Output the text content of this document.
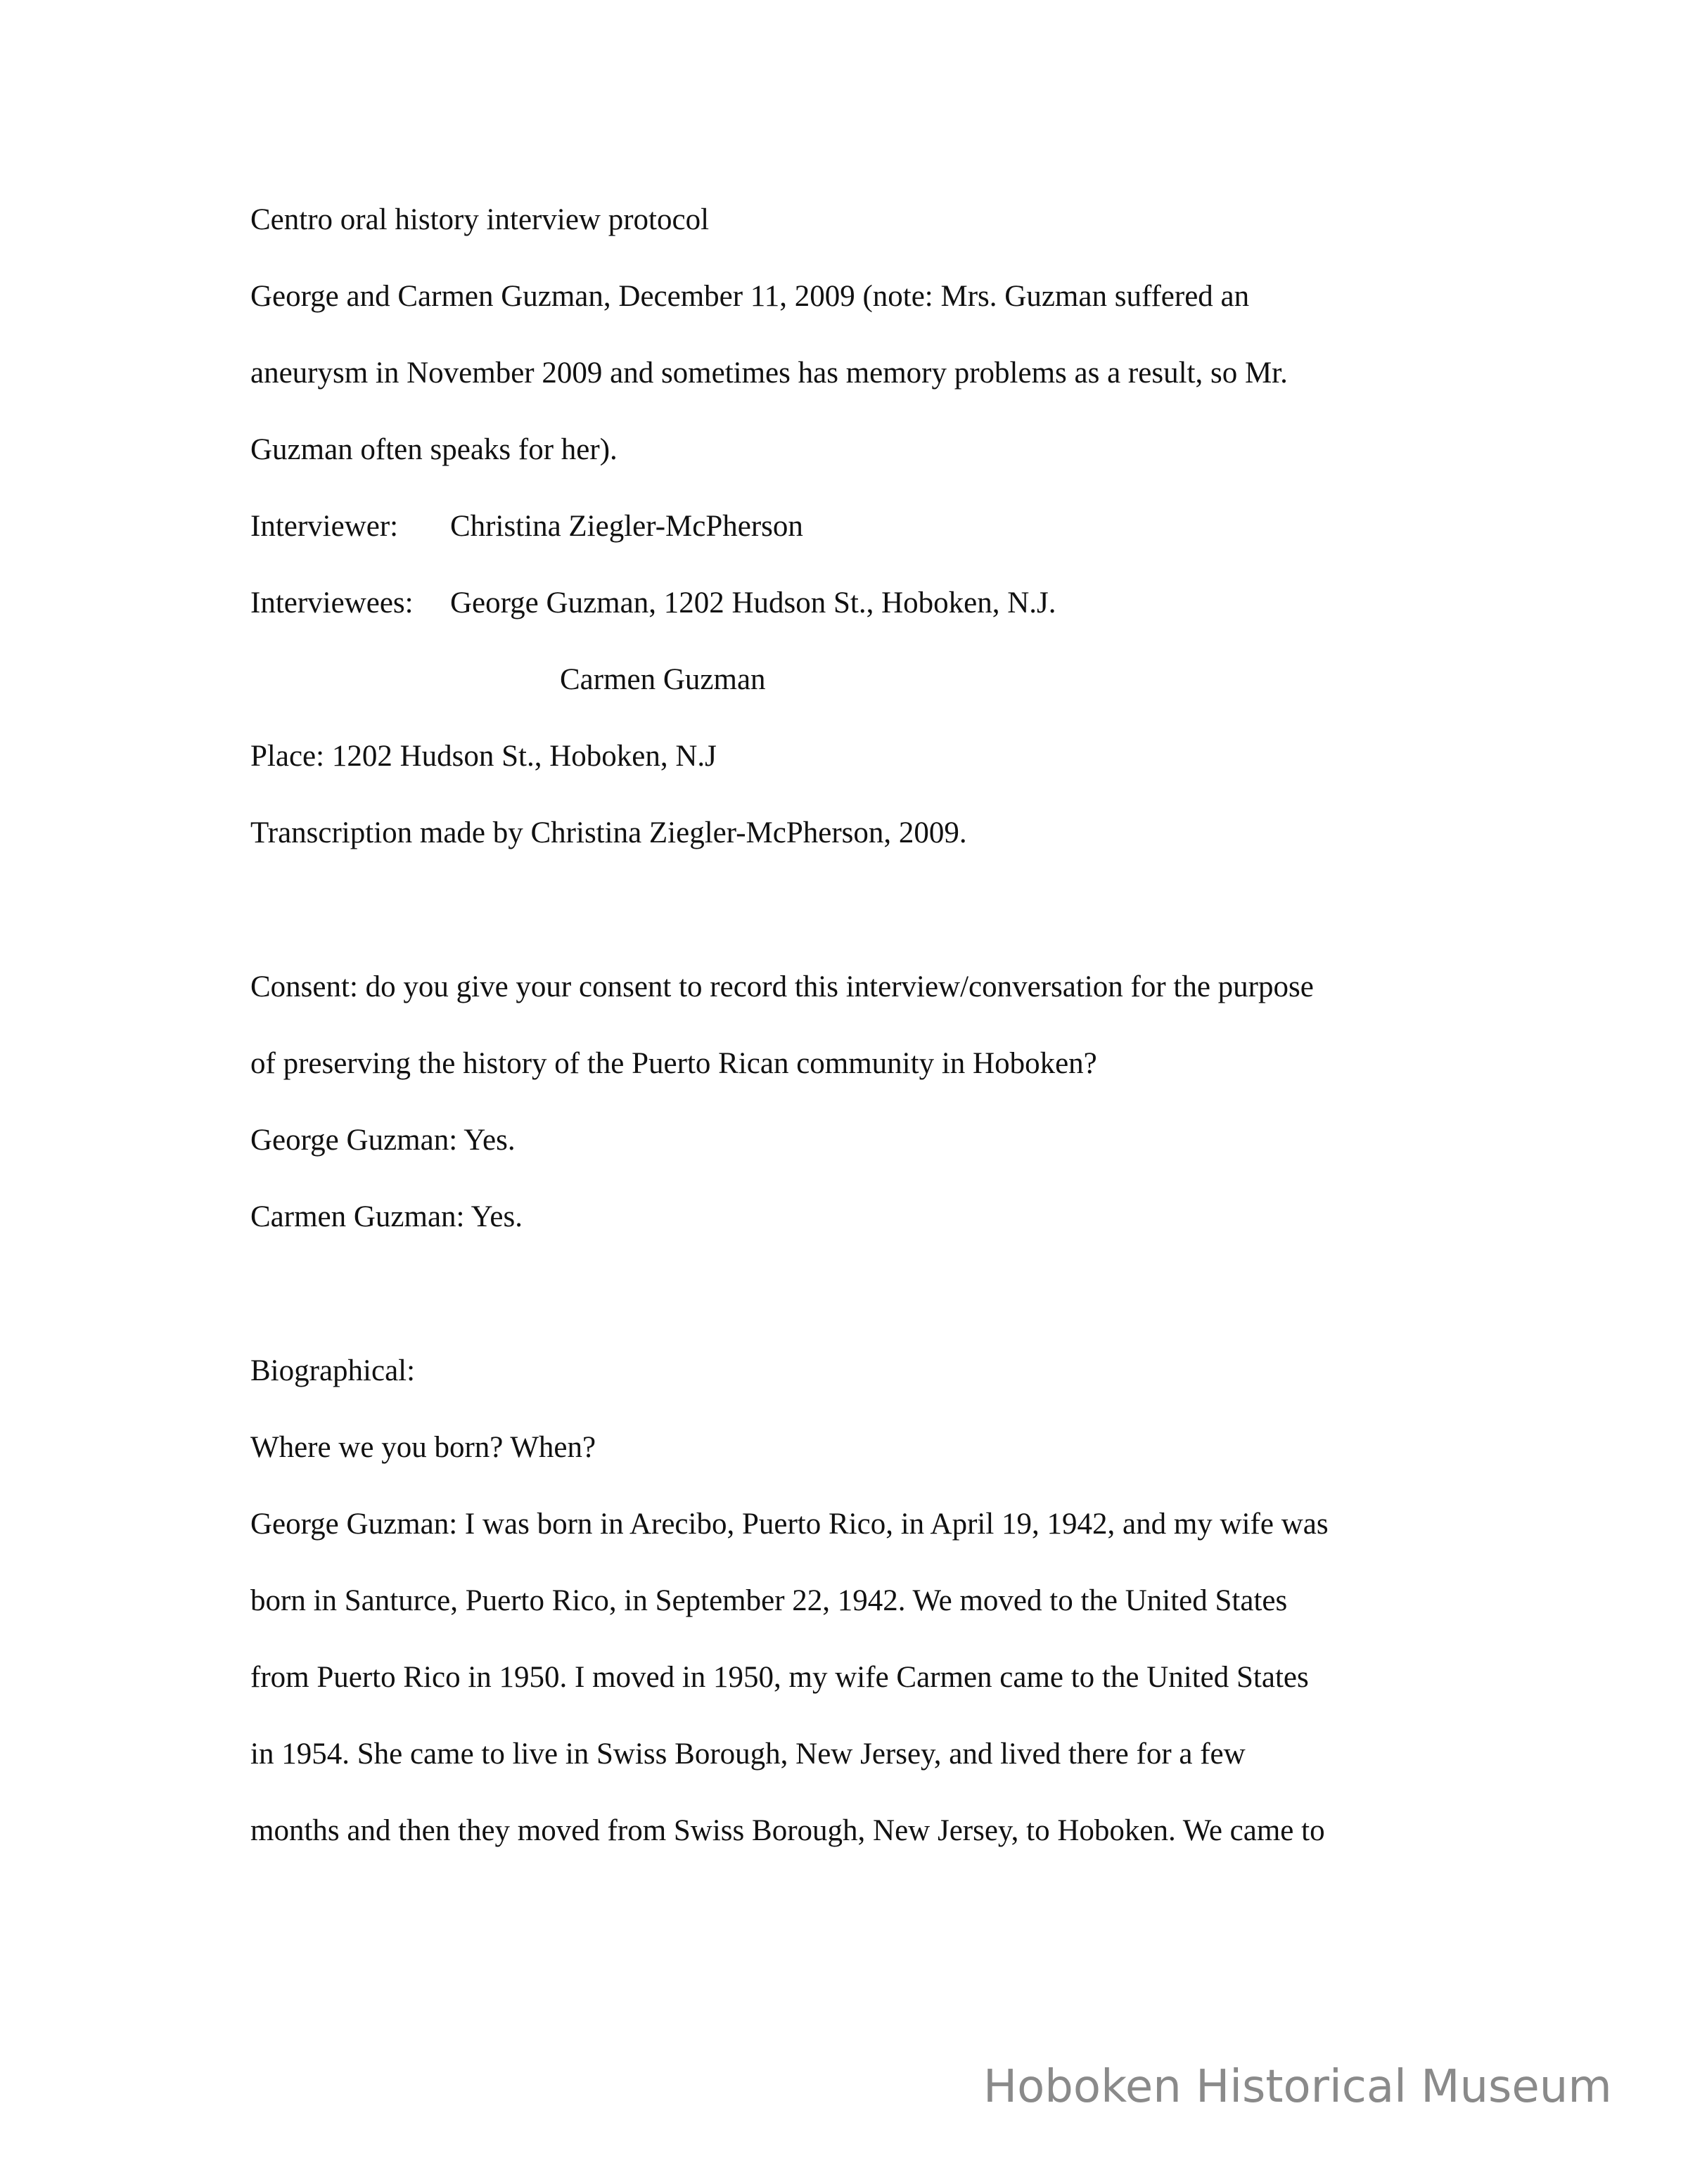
Centro oral history interview protocol
George and Carmen Guzman, December 11, 2009 (note: Mrs. Guzman suffered an
aneurysm in November 2009 and sometimes has memory problems as a result, so Mr.
Guzman often speaks for her).
Interviewer: Christina Ziegler-McPherson
Interviewees: George Guzman, 1202 Hudson St., Hoboken, N.J.
Carmen Guzman
Place: 1202 Hudson St., Hoboken, N.J
Transcription made by Christina Ziegler-McPherson, 2009.
Consent: do you give your consent to record this interview/conversation for the purpose
of preserving the history of the Puerto Rican community in Hoboken?
George Guzman: Yes.
Carmen Guzman: Yes.
Biographical:
Where we you born? When?
George Guzman: I was born in Arecibo, Puerto Rico, in April 19, 1942, and my wife was
born in Santurce, Puerto Rico, in September 22, 1942. We moved to the United States
from Puerto Rico in 1950. I moved in 1950, my wife Carmen came to the United States
in 1954. She came to live in Swiss Borough, New Jersey, and lived there for a few
months and then they moved from Swiss Borough, New Jersey, to Hoboken. We came to
Hoboken Historical Museum
